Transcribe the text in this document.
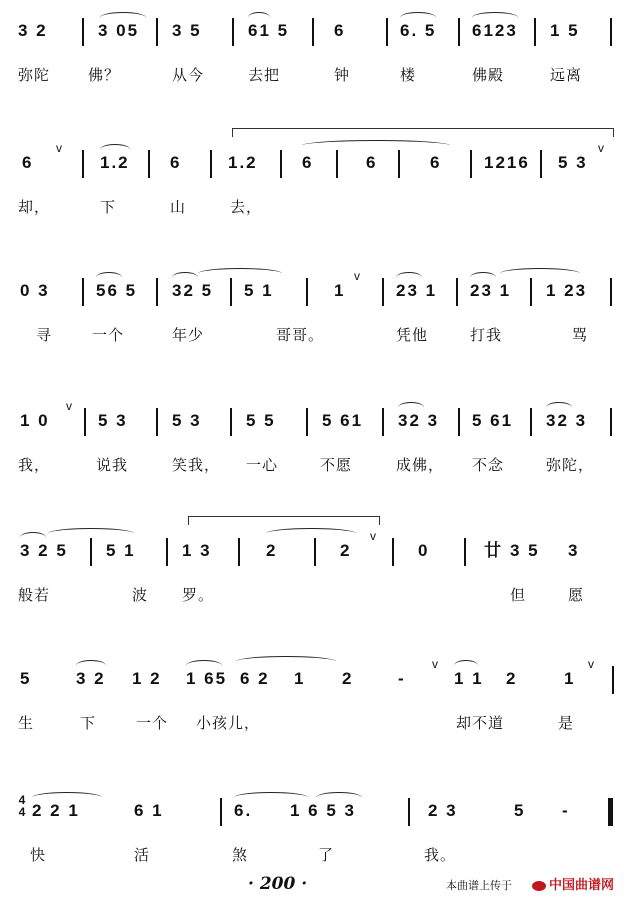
3 2	3 05 3 5	61 5	6	6. 5 6123 1 5
弥陀	佛？	从今	去把	钟	楼	佛殿	远离
6
v
1.2 6	1.2	6	6	6	1216 5 3
v
却，	下	山	去，
0 3	56 5 32 5 5 1	1
v
23 1 23 1 1 23
寻	一个	年少	哥哥。	凭他	打我	骂
1 0
v
5 3	5 3	5 5	5 61 32 3 5 61 32 3
我，	说我	笑我， 一心	不愿	成佛， 不念	弥陀，
3 2 5 5 1	1 3	2	2
v
0	廿 3 5 3
般若	波 罗。	但	愿
5	3 2 1 2 1 65 6 2 1 2	-
v
1 1 2	1
v
生	下	一个 小孩儿，	却不道	是
4
4 2 2 1	6 1	6. 1 6 5 3	2 3	5 -
快	活	煞	了	我。
· 200 ·	本曲谱上传于	中国曲谱网
